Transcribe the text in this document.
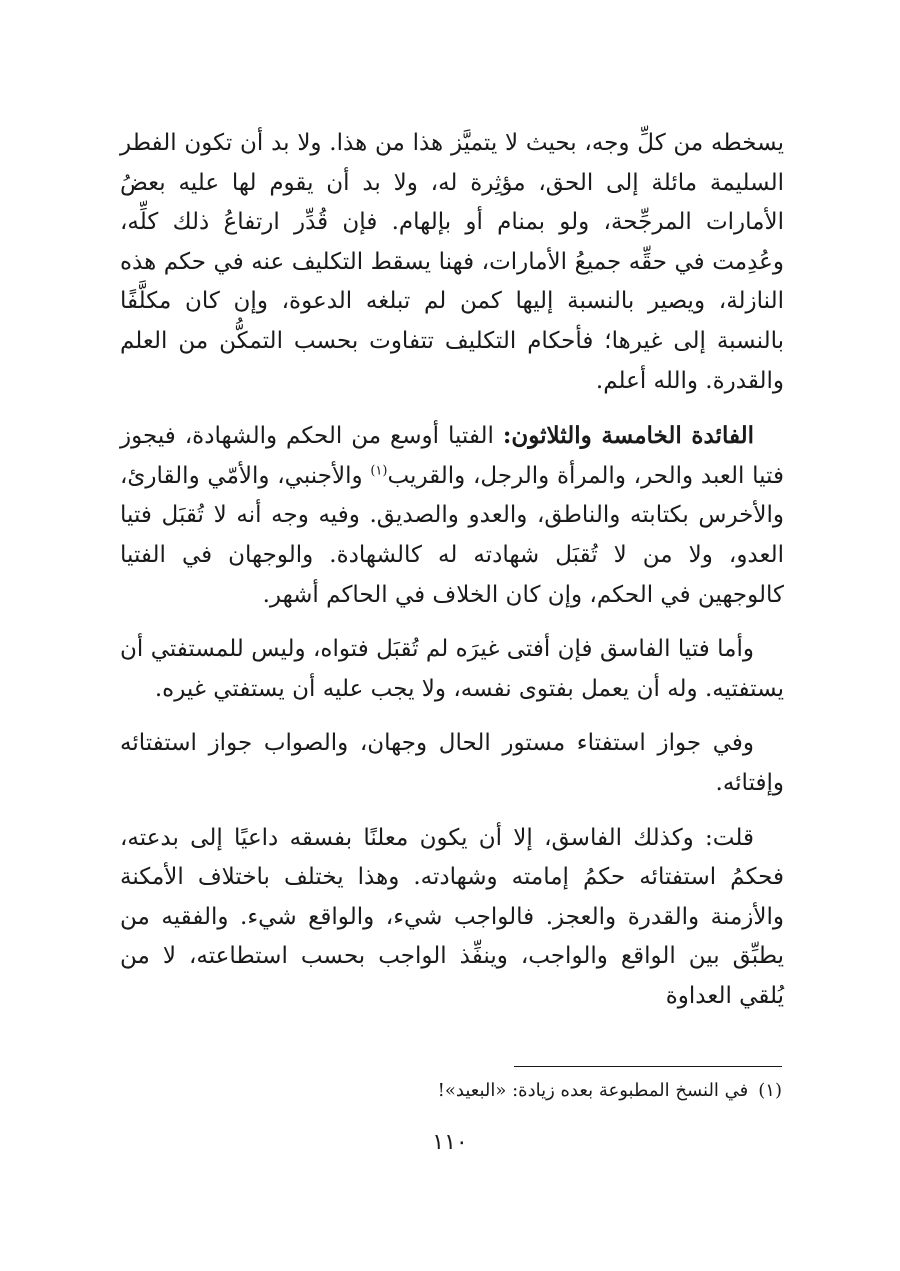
يسخطه من كلِّ وجه، بحيث لا يتميَّز هذا من هذا. ولا بد أن تكون الفطر السليمة مائلة إلى الحق، مؤثِرة له، ولا بد أن يقوم لها عليه بعضُ الأمارات المرجِّحة، ولو بمنام أو بإلهام. فإن قُدِّر ارتفاعُ ذلك كلِّه، وعُدِمت في حقِّه جميعُ الأمارات، فهنا يسقط التكليف عنه في حكم هذه النازلة، ويصير بالنسبة إليها كمن لم تبلغه الدعوة، وإن كان مكلَّفًا بالنسبة إلى غيرها؛ فأحكام التكليف تتفاوت بحسب التمكُّن من العلم والقدرة. والله أعلم.

الفائدة الخامسة والثلاثون: الفتيا أوسع من الحكم والشهادة، فيجوز فتيا العبد والحر، والمرأة والرجل، والقريب$^{(١)}$ والأجنبي، والأمّي والقارئ، والأخرس بكتابته والناطق، والعدو والصديق. وفيه وجه أنه لا تُقبَل فتيا العدو، ولا من لا تُقبَل شهادته له كالشهادة. والوجهان في الفتيا كالوجهين في الحكم، وإن كان الخلاف في الحاكم أشهر.

وأما فتيا الفاسق فإن أفتى غيرَه لم تُقبَل فتواه، وليس للمستفتي أن يستفتيه. وله أن يعمل بفتوى نفسه، ولا يجب عليه أن يستفتي غيره.

وفي جواز استفتاء مستور الحال وجهان، والصواب جواز استفتائه وإفتائه.

قلت: وكذلك الفاسق، إلا أن يكون معلنًا بفسقه داعيًا إلى بدعته، فحكمُ استفتائه حكمُ إمامته وشهادته. وهذا يختلف باختلاف الأمكنة والأزمنة والقدرة والعجز. فالواجب شيء، والواقع شيء. والفقيه من يطبِّق بين الواقع والواجب، وينفِّذ الواجب بحسب استطاعته، لا من يُلقي العداوة

(١)في النسخ المطبوعة بعده زيادة: «البعيد»!
١١٠
